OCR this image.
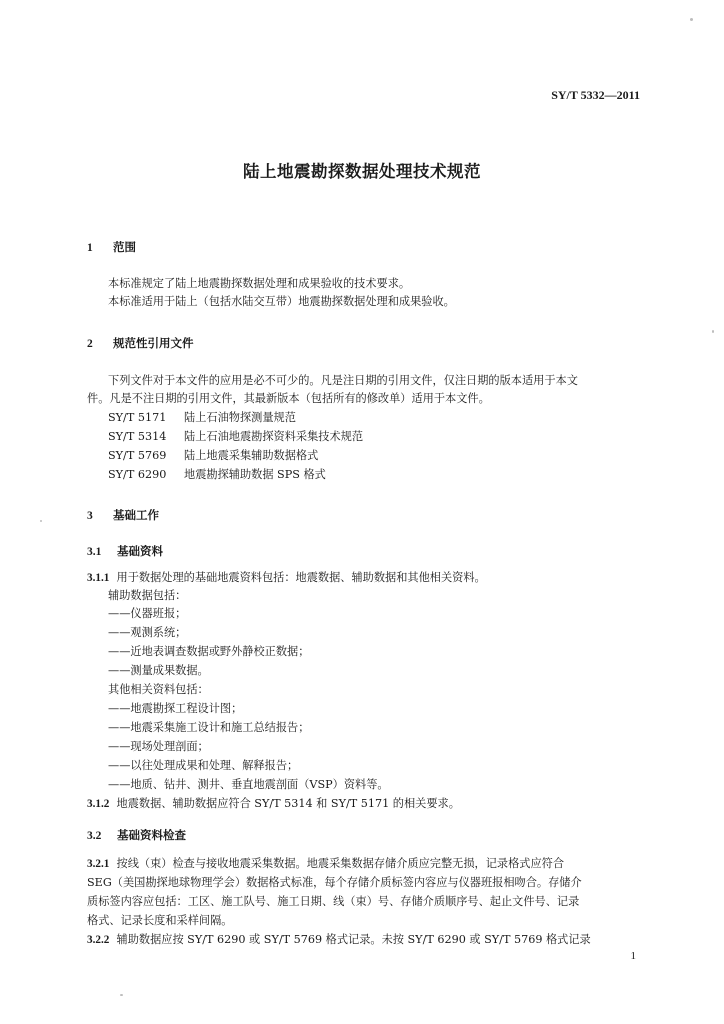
SY/T 5332—2011
陆上地震勘探数据处理技术规范
1 范围
本标准规定了陆上地震勘探数据处理和成果验收的技术要求。
本标准适用于陆上（包括水陆交互带）地震勘探数据处理和成果验收。
2 规范性引用文件
下列文件对于本文件的应用是必不可少的。凡是注日期的引用文件，仅注日期的版本适用于本文
件。凡是不注日期的引用文件，其最新版本（包括所有的修改单）适用于本文件。
SY/T 5171 陆上石油物探测量规范
SY/T 5314 陆上石油地震勘探资料采集技术规范
SY/T 5769 陆上地震采集辅助数据格式
SY/T 6290 地震勘探辅助数据 SPS 格式
3 基础工作
3.1 基础资料
3.1.1 用于数据处理的基础地震资料包括：地震数据、辅助数据和其他相关资料。
辅助数据包括：
——仪器班报；
——观测系统；
——近地表调查数据或野外静校正数据；
——测量成果数据。
其他相关资料包括：
——地震勘探工程设计图；
——地震采集施工设计和施工总结报告；
——现场处理剖面；
——以往处理成果和处理、解释报告；
——地质、钻井、测井、垂直地震剖面（VSP）资料等。
3.1.2 地震数据、辅助数据应符合 SY/T 5314 和 SY/T 5171 的相关要求。
3.2 基础资料检查
3.2.1 按线（束）检查与接收地震采集数据。地震采集数据存储介质应完整无损，记录格式应符合
SEG（美国勘探地球物理学会）数据格式标准，每个存储介质标签内容应与仪器班报相吻合。存储介
质标签内容应包括：工区、施工队号、施工日期、线（束）号、存储介质顺序号、起止文件号、记录
格式、记录长度和采样间隔。
3.2.2 辅助数据应按 SY/T 6290 或 SY/T 5769 格式记录。未按 SY/T 6290 或 SY/T 5769 格式记录
1
